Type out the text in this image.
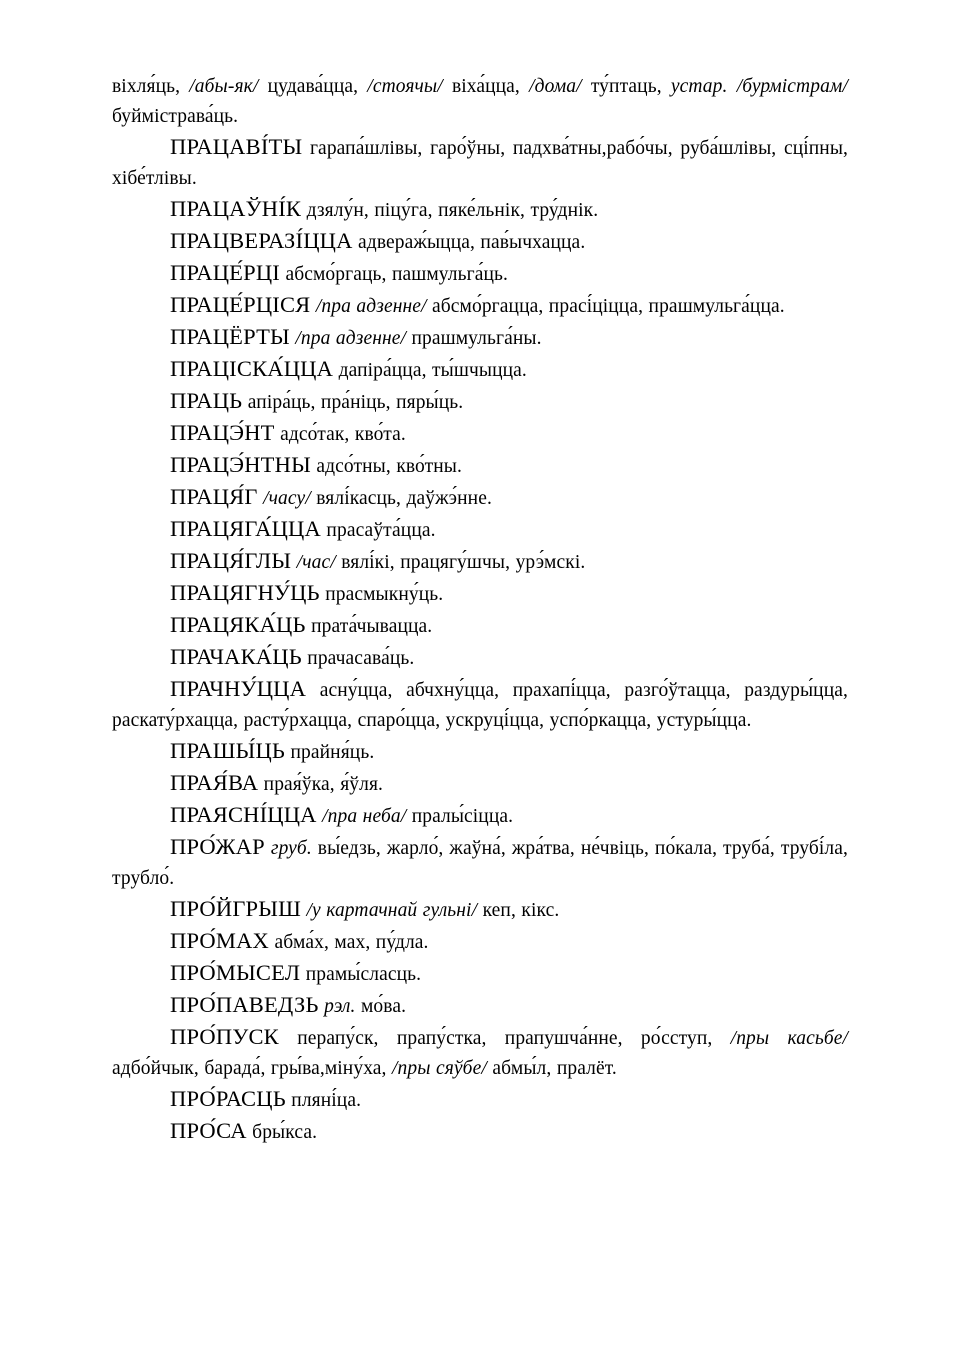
віхля́ць, /абы-як/ цудава́цца, /стоячы/ віха́цца, /дома/ ту́птаць, устар. /бурмістрам/ буймістрава́ць.

ПРАЦАВІ́ТЫ гарапа́шлівы, гаро́ўны, падхва́тны,рабо́чы, руба́шлівы, сці́пны, хібе́тлівы.

ПРАЦАЎНІ́К дзялу́н, піцу́га, пяке́льнік, тру́днік.

ПРАЦВЕРАЗІ́ЦЦА адвераж́ыцца, пав́ычхацца.

ПРАЦЕ́РЦІ абсмо́ргаць, пашмульга́ць.

ПРАЦЕ́РЦІСЯ /пра адзенне/ абсмо́ргацца, прасі́ціцца, прашмульга́цца.

ПРАЦЁРТЫ /пра адзенне/ прашмульга́ны.

ПРАЦІСКА́ЦЦА дапіра́цца, ты́шчыцца.

ПРАЦЬ апіра́ць, пра́ніць, пяры́ць.

ПРАЦЭ́НТ адсо́так, кво́та.

ПРАЦЭ́НТНЫ адсо́тны, кво́тны.

ПРАЦЯ́Г /часу/ вялі́касць, даўжэ́нне.

ПРАЦЯГА́ЦЦА прасаўта́цца.

ПРАЦЯ́ГЛЫ /час/ вялі́кі, працягу́шчы, урэ́мскі.

ПРАЦЯГНУ́ЦЬ прасмыкну́ць.

ПРАЦЯКА́ЦЬ прата́чывацца.

ПРАЧАКА́ЦЬ прачасава́ць.

ПРАЧНУ́ЦЦА асну́цца, абчхну́цца, прахапі́цца, разго́ўтацца, раздуры́цца, раскату́рхацца, расту́рхацца, спаро́цца, ускруці́цца, успо́ркацца, устуры́цца.

ПРАШЫ́ЦЬ прайня́ць.

ПРАЯ́ВА прая́ўка, я́ўля.

ПРАЯСНІ́ЦЦА /пра неба/ пралы́сіцца.

ПРО́ЖАР груб. вы́едзь, жарло́, жаўна́, жра́тва, не́чвіць, по́кала, труба́, трубі́ла, трубло́.

ПРО́ЙГРЫШ /у картачнай гульні/ кеп, кікс.

ПРО́МАХ абма́х, мах, пу́дла.

ПРО́МЫСЕЛ прамы́сласць.

ПРО́ПАВЕДЗЬ рэл. мо́ва.

ПРО́ПУСК перапу́ск, прапу́стка, прапушча́нне, ро́сступ, /пры касьбе/ адбо́йчык, барада́, гры́ва,міну́ха, /пры сяўбе/ абмы́л, пралёт.

ПРО́РАСЦЬ пляні́ца.

ПРО́СА бры́кса.
